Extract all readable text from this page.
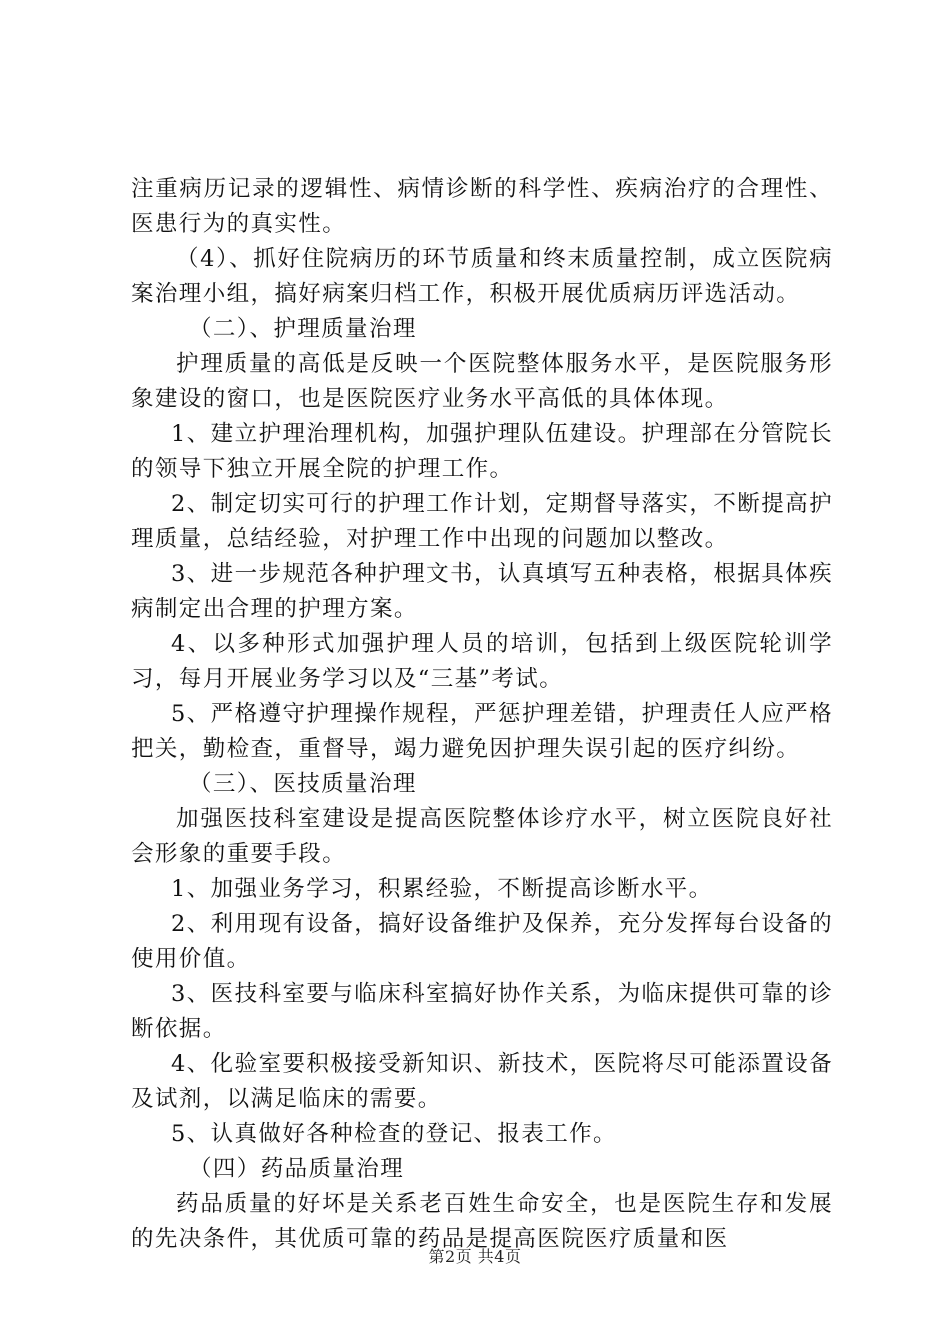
注重病历记录的逻辑性、病情诊断的科学性、疾病治疗的合理性、医患行为的真实性。

（4）、抓好住院病历的环节质量和终末质量控制，成立医院病案治理小组，搞好病案归档工作，积极开展优质病历评选活动。

（二）、护理质量治理

护理质量的高低是反映一个医院整体服务水平，是医院服务形象建设的窗口，也是医院医疗业务水平高低的具体体现。

1、建立护理治理机构，加强护理队伍建设。护理部在分管院长的领导下独立开展全院的护理工作。

2、制定切实可行的护理工作计划，定期督导落实，不断提高护理质量，总结经验，对护理工作中出现的问题加以整改。

3、进一步规范各种护理文书，认真填写五种表格，根据具体疾病制定出合理的护理方案。

4、以多种形式加强护理人员的培训，包括到上级医院轮训学习，每月开展业务学习以及“三基”考试。

5、严格遵守护理操作规程，严惩护理差错，护理责任人应严格把关，勤检查，重督导，竭力避免因护理失误引起的医疗纠纷。

（三）、医技质量治理

加强医技科室建设是提高医院整体诊疗水平，树立医院良好社会形象的重要手段。

1、加强业务学习，积累经验，不断提高诊断水平。

2、利用现有设备，搞好设备维护及保养，充分发挥每台设备的使用价值。

3、医技科室要与临床科室搞好协作关系，为临床提供可靠的诊断依据。

4、化验室要积极接受新知识、新技术，医院将尽可能添置设备及试剂，以满足临床的需要。

5、认真做好各种检查的登记、报表工作。

（四）药品质量治理

药品质量的好坏是关系老百姓生命安全，也是医院生存和发展的先决条件，其优质可靠的药品是提高医院医疗质量和医

第2页 共4页
